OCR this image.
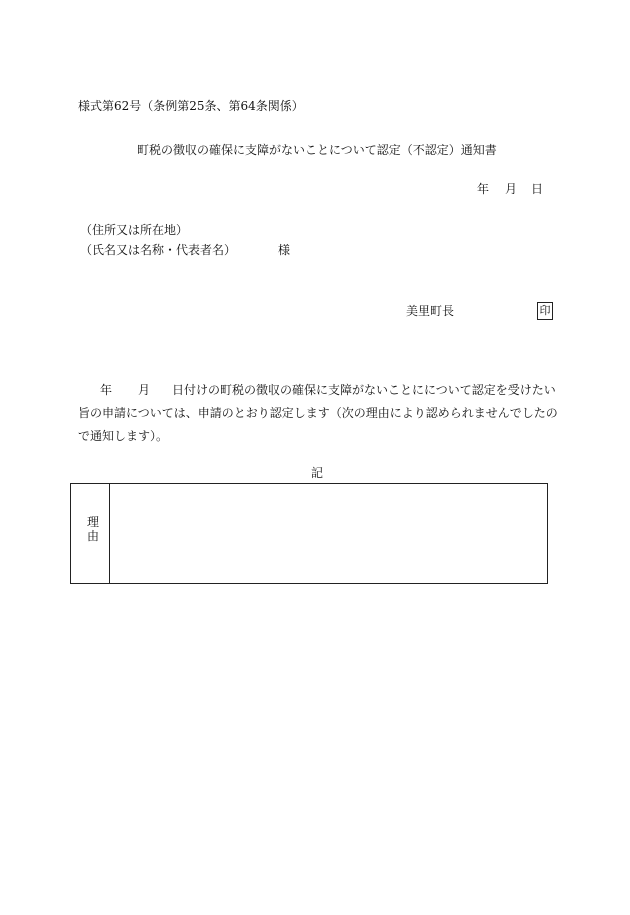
様式第62号（条例第25条、第64条関係）
町税の徴収の確保に支障がないことについて認定（不認定）通知書
年 月 日
（住所又は所在地）
（氏名又は名称・代表者名）	様
美里町長	印
年 月 日付けの町税の徴収の確保に支障がないことにについて認定を受けたい
旨の申請については、申請のとおり認定します（次の理由により認められませんでしたの
で通知します）。
記
理由
